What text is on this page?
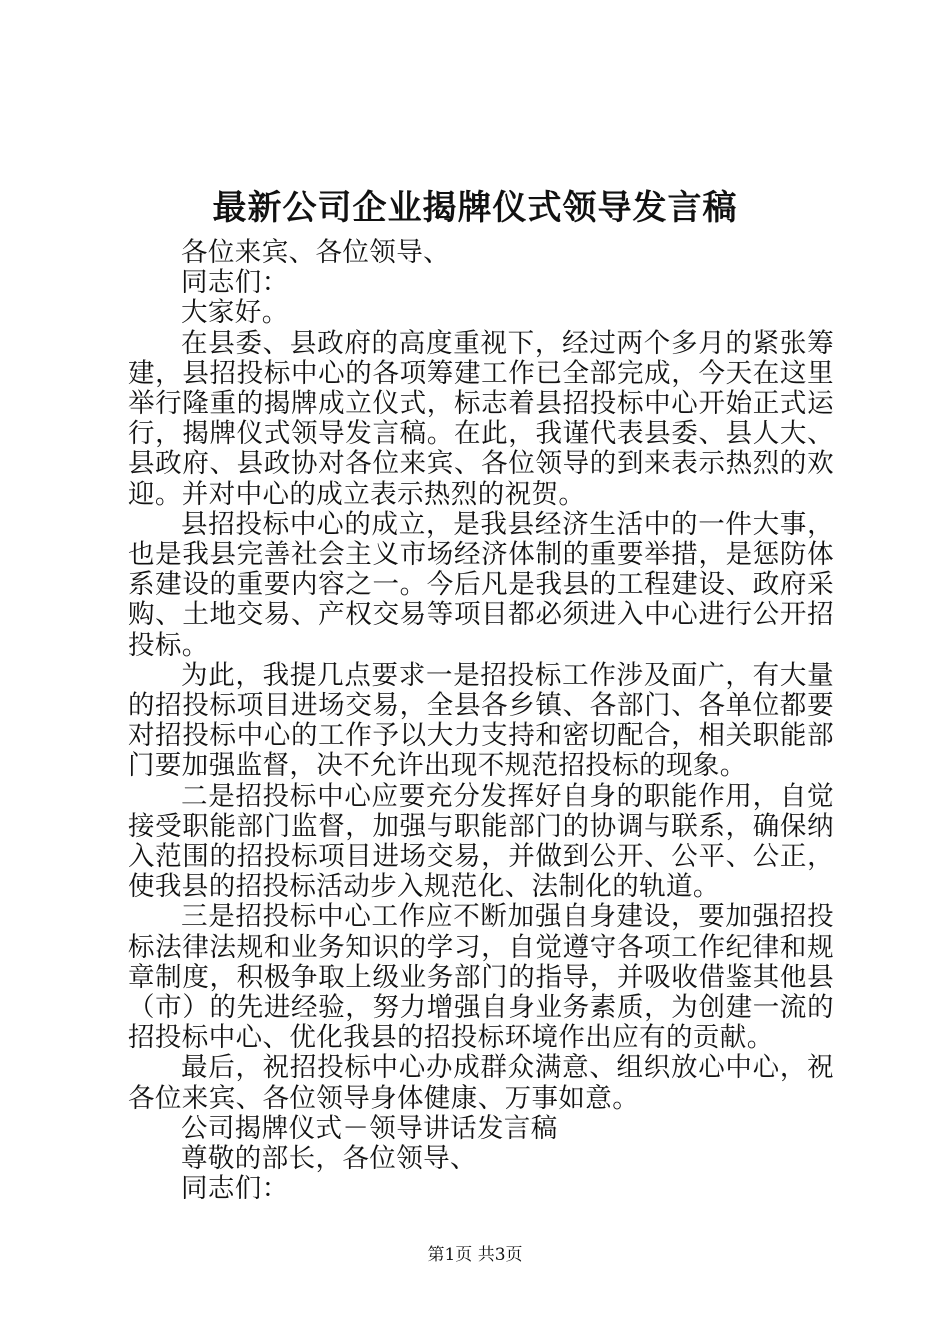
最新公司企业揭牌仪式领导发言稿

各位来宾、各位领导、

同志们：

大家好。

在县委、县政府的高度重视下，经过两个多月的紧张筹建，县招投标中心的各项筹建工作已全部完成，今天在这里举行隆重的揭牌成立仪式，标志着县招投标中心开始正式运行，揭牌仪式领导发言稿。在此，我谨代表县委、县人大、县政府、县政协对各位来宾、各位领导的到来表示热烈的欢迎。并对中心的成立表示热烈的祝贺。

县招投标中心的成立，是我县经济生活中的一件大事，也是我县完善社会主义市场经济体制的重要举措，是惩防体系建设的重要内容之一。今后凡是我县的工程建设、政府采购、土地交易、产权交易等项目都必须进入中心进行公开招投标。

为此，我提几点要求一是招投标工作涉及面广，有大量的招投标项目进场交易，全县各乡镇、各部门、各单位都要对招投标中心的工作予以大力支持和密切配合，相关职能部门要加强监督，决不允许出现不规范招投标的现象。

二是招投标中心应要充分发挥好自身的职能作用，自觉接受职能部门监督，加强与职能部门的协调与联系，确保纳入范围的招投标项目进场交易，并做到公开、公平、公正，使我县的招投标活动步入规范化、法制化的轨道。

三是招投标中心工作应不断加强自身建设，要加强招投标法律法规和业务知识的学习，自觉遵守各项工作纪律和规章制度，积极争取上级业务部门的指导，并吸收借鉴其他县（市）的先进经验，努力增强自身业务素质，为创建一流的招投标中心、优化我县的招投标环境作出应有的贡献。

最后，祝招投标中心办成群众满意、组织放心中心，祝各位来宾、各位领导身体健康、万事如意。

公司揭牌仪式－领导讲话发言稿

尊敬的部长，各位领导、

同志们：

第1页 共3页
